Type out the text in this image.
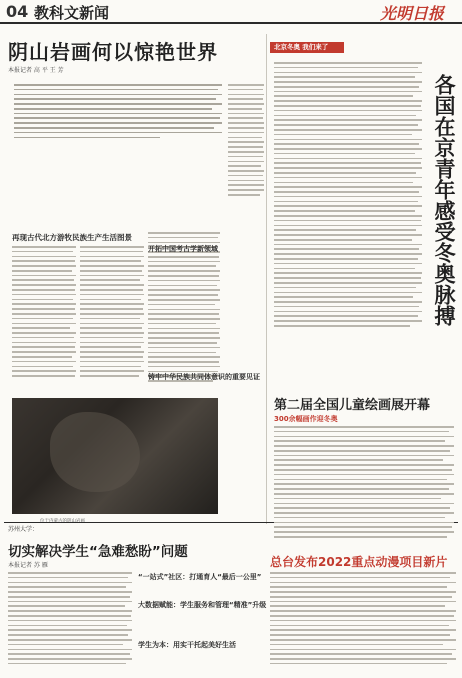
04 教科文新闻	光明日报
阴山岩画何以惊艳世界
本报记者 高 平 王 芳
再现古代北方游牧民族生产生活图景
开拓中国考古学新领域
铸牢中华民族共同体意识的重要见证
北京冬奥 我们来了
各国在京青年感受冬奥脉搏
第二届全国儿童绘画展开幕
300余幅画作迎冬奥
苏州大学：
切实解决学生“急难愁盼”问题
本报记者 苏 雁
“一站式”社区：打通育人“最后一公里”
大数据赋能：学生服务和管理“精准”升级
学生为本：用实干托起美好生活
总台发布2022重点动漫项目新片
